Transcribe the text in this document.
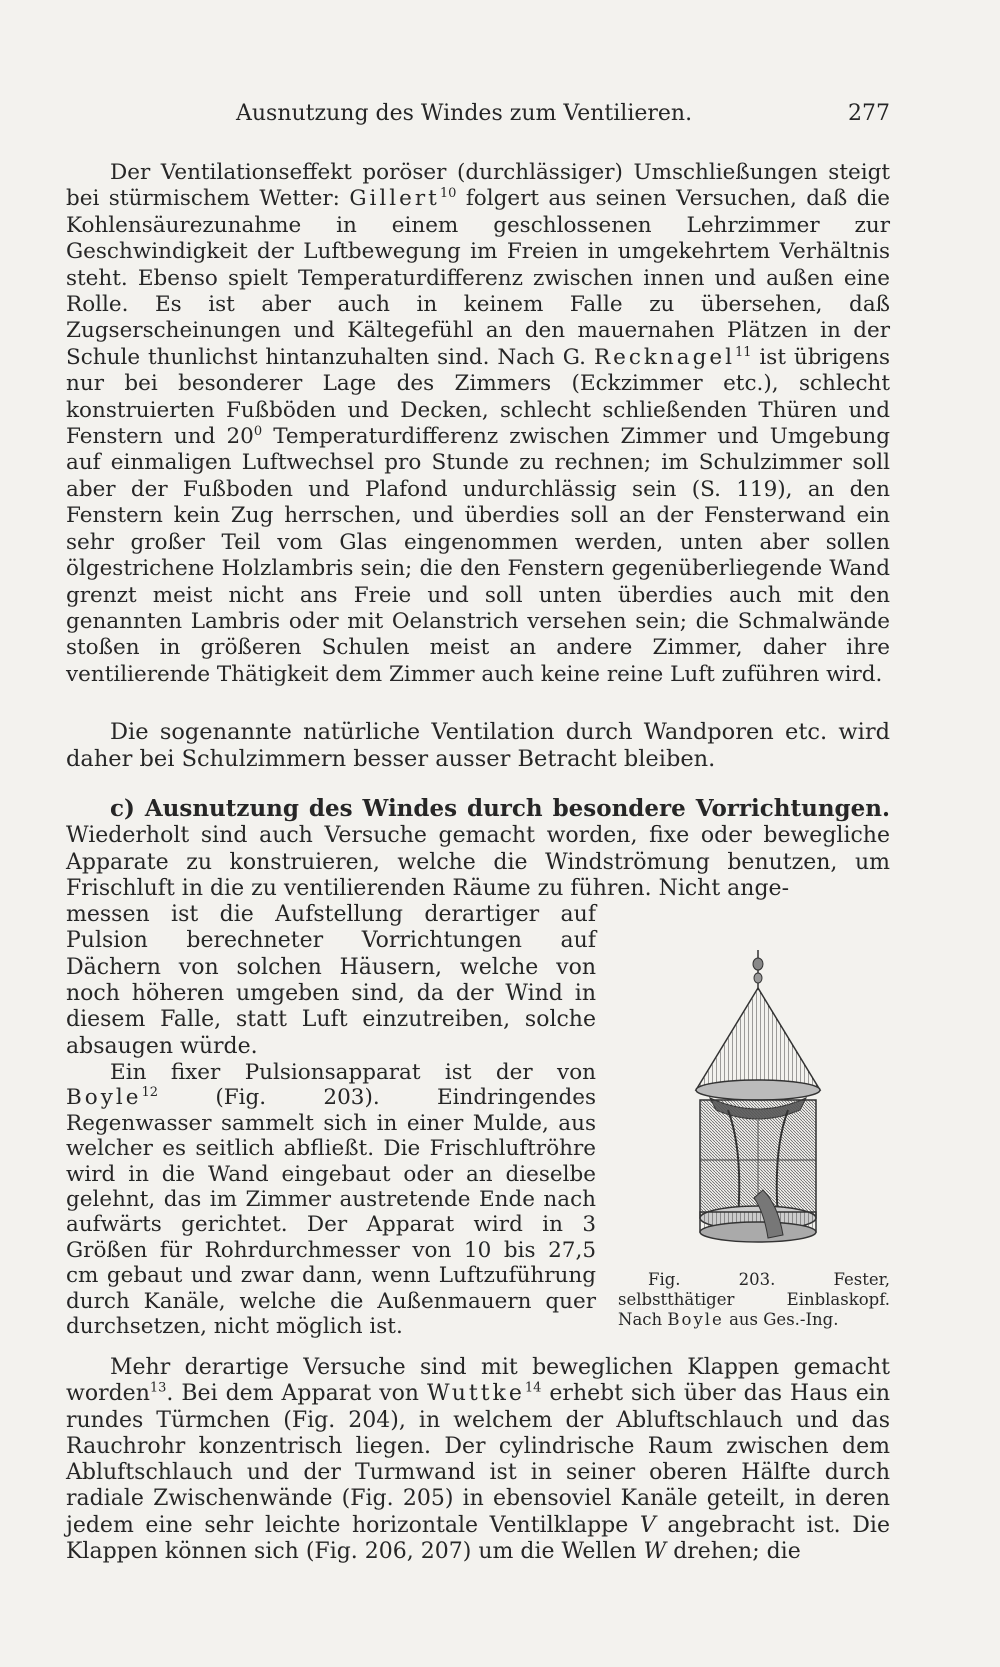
Ausnutzung des Windes zum Ventilieren.	277

Der Ventilationseffekt poröser (durchlässiger) Umschließungen steigt bei stürmischem Wetter: Gillert$^{10}$ folgert aus seinen Versuchen, daß die Kohlensäurezunahme in einem geschlossenen Lehrzimmer zur Geschwindigkeit der Luftbewegung im Freien in umgekehrtem Verhältnis steht. Ebenso spielt Temperaturdifferenz zwischen innen und außen eine Rolle. Es ist aber auch in keinem Falle zu übersehen, daß Zugserscheinungen und Kältegefühl an den mauernahen Plätzen in der Schule thunlichst hintanzuhalten sind. Nach G. Recknagel$^{11}$ ist übrigens nur bei besonderer Lage des Zimmers (Eckzimmer etc.), schlecht konstruierten Fußböden und Decken, schlecht schließenden Thüren und Fenstern und $20^0$ Temperaturdifferenz zwischen Zimmer und Umgebung auf einmaligen Luftwechsel pro Stunde zu rechnen; im Schulzimmer soll aber der Fußboden und Plafond undurchlässig sein (S. 119), an den Fenstern kein Zug herrschen, und überdies soll an der Fensterwand ein sehr großer Teil vom Glas eingenommen werden, unten aber sollen ölgestrichene Holzlambris sein; die den Fenstern gegenüberliegende Wand grenzt meist nicht ans Freie und soll unten überdies auch mit den genannten Lambris oder mit Oelanstrich versehen sein; die Schmalwände stoßen in größeren Schulen meist an andere Zimmer, daher ihre ventilierende Thätigkeit dem Zimmer auch keine reine Luft zuführen wird.

Die sogenannte natürliche Ventilation durch Wandporen etc. wird daher bei Schulzimmern besser ausser Betracht bleiben.

c) Ausnutzung des Windes durch besondere Vorrichtungen. Wiederholt sind auch Versuche gemacht worden, fixe oder bewegliche Apparate zu konstruieren, welche die Windströmung benutzen, um Frischluft in die zu ventilierenden Räume zu führen. Nicht ange-

messen ist die Aufstellung derartiger auf Pulsion berechneter Vorrichtungen auf Dächern von solchen Häusern, welche von noch höheren umgeben sind, da der Wind in diesem Falle, statt Luft einzutreiben, solche absaugen würde.

Ein fixer Pulsionsapparat ist der von Boyle$^{12}$ (Fig. 203). Eindringendes Regenwasser sammelt sich in einer Mulde, aus welcher es seitlich abfließt. Die Frischluftröhre wird in die Wand eingebaut oder an dieselbe gelehnt, das im Zimmer austretende Ende nach aufwärts gerichtet. Der Apparat wird in 3 Größen für Rohrdurchmesser von 10 bis 27,5 cm gebaut und zwar dann, wenn Luftzuführung durch Kanäle, welche die Außenmauern quer durchsetzen, nicht möglich ist.

Fig. 203. Fester, selbstthätiger Einblaskopf. Nach Boyle aus Ges.-Ing.

Mehr derartige Versuche sind mit beweglichen Klappen gemacht worden$^{13}$. Bei dem Apparat von Wuttke$^{14}$ erhebt sich über das Haus ein rundes Türmchen (Fig. 204), in welchem der Abluftschlauch und das Rauchrohr konzentrisch liegen. Der cylindrische Raum zwischen dem Abluftschlauch und der Turmwand ist in seiner oberen Hälfte durch radiale Zwischenwände (Fig. 205) in ebensoviel Kanäle geteilt, in deren jedem eine sehr leichte horizontale Ventilklappe V angebracht ist. Die Klappen können sich (Fig. 206, 207) um die Wellen W drehen; die
